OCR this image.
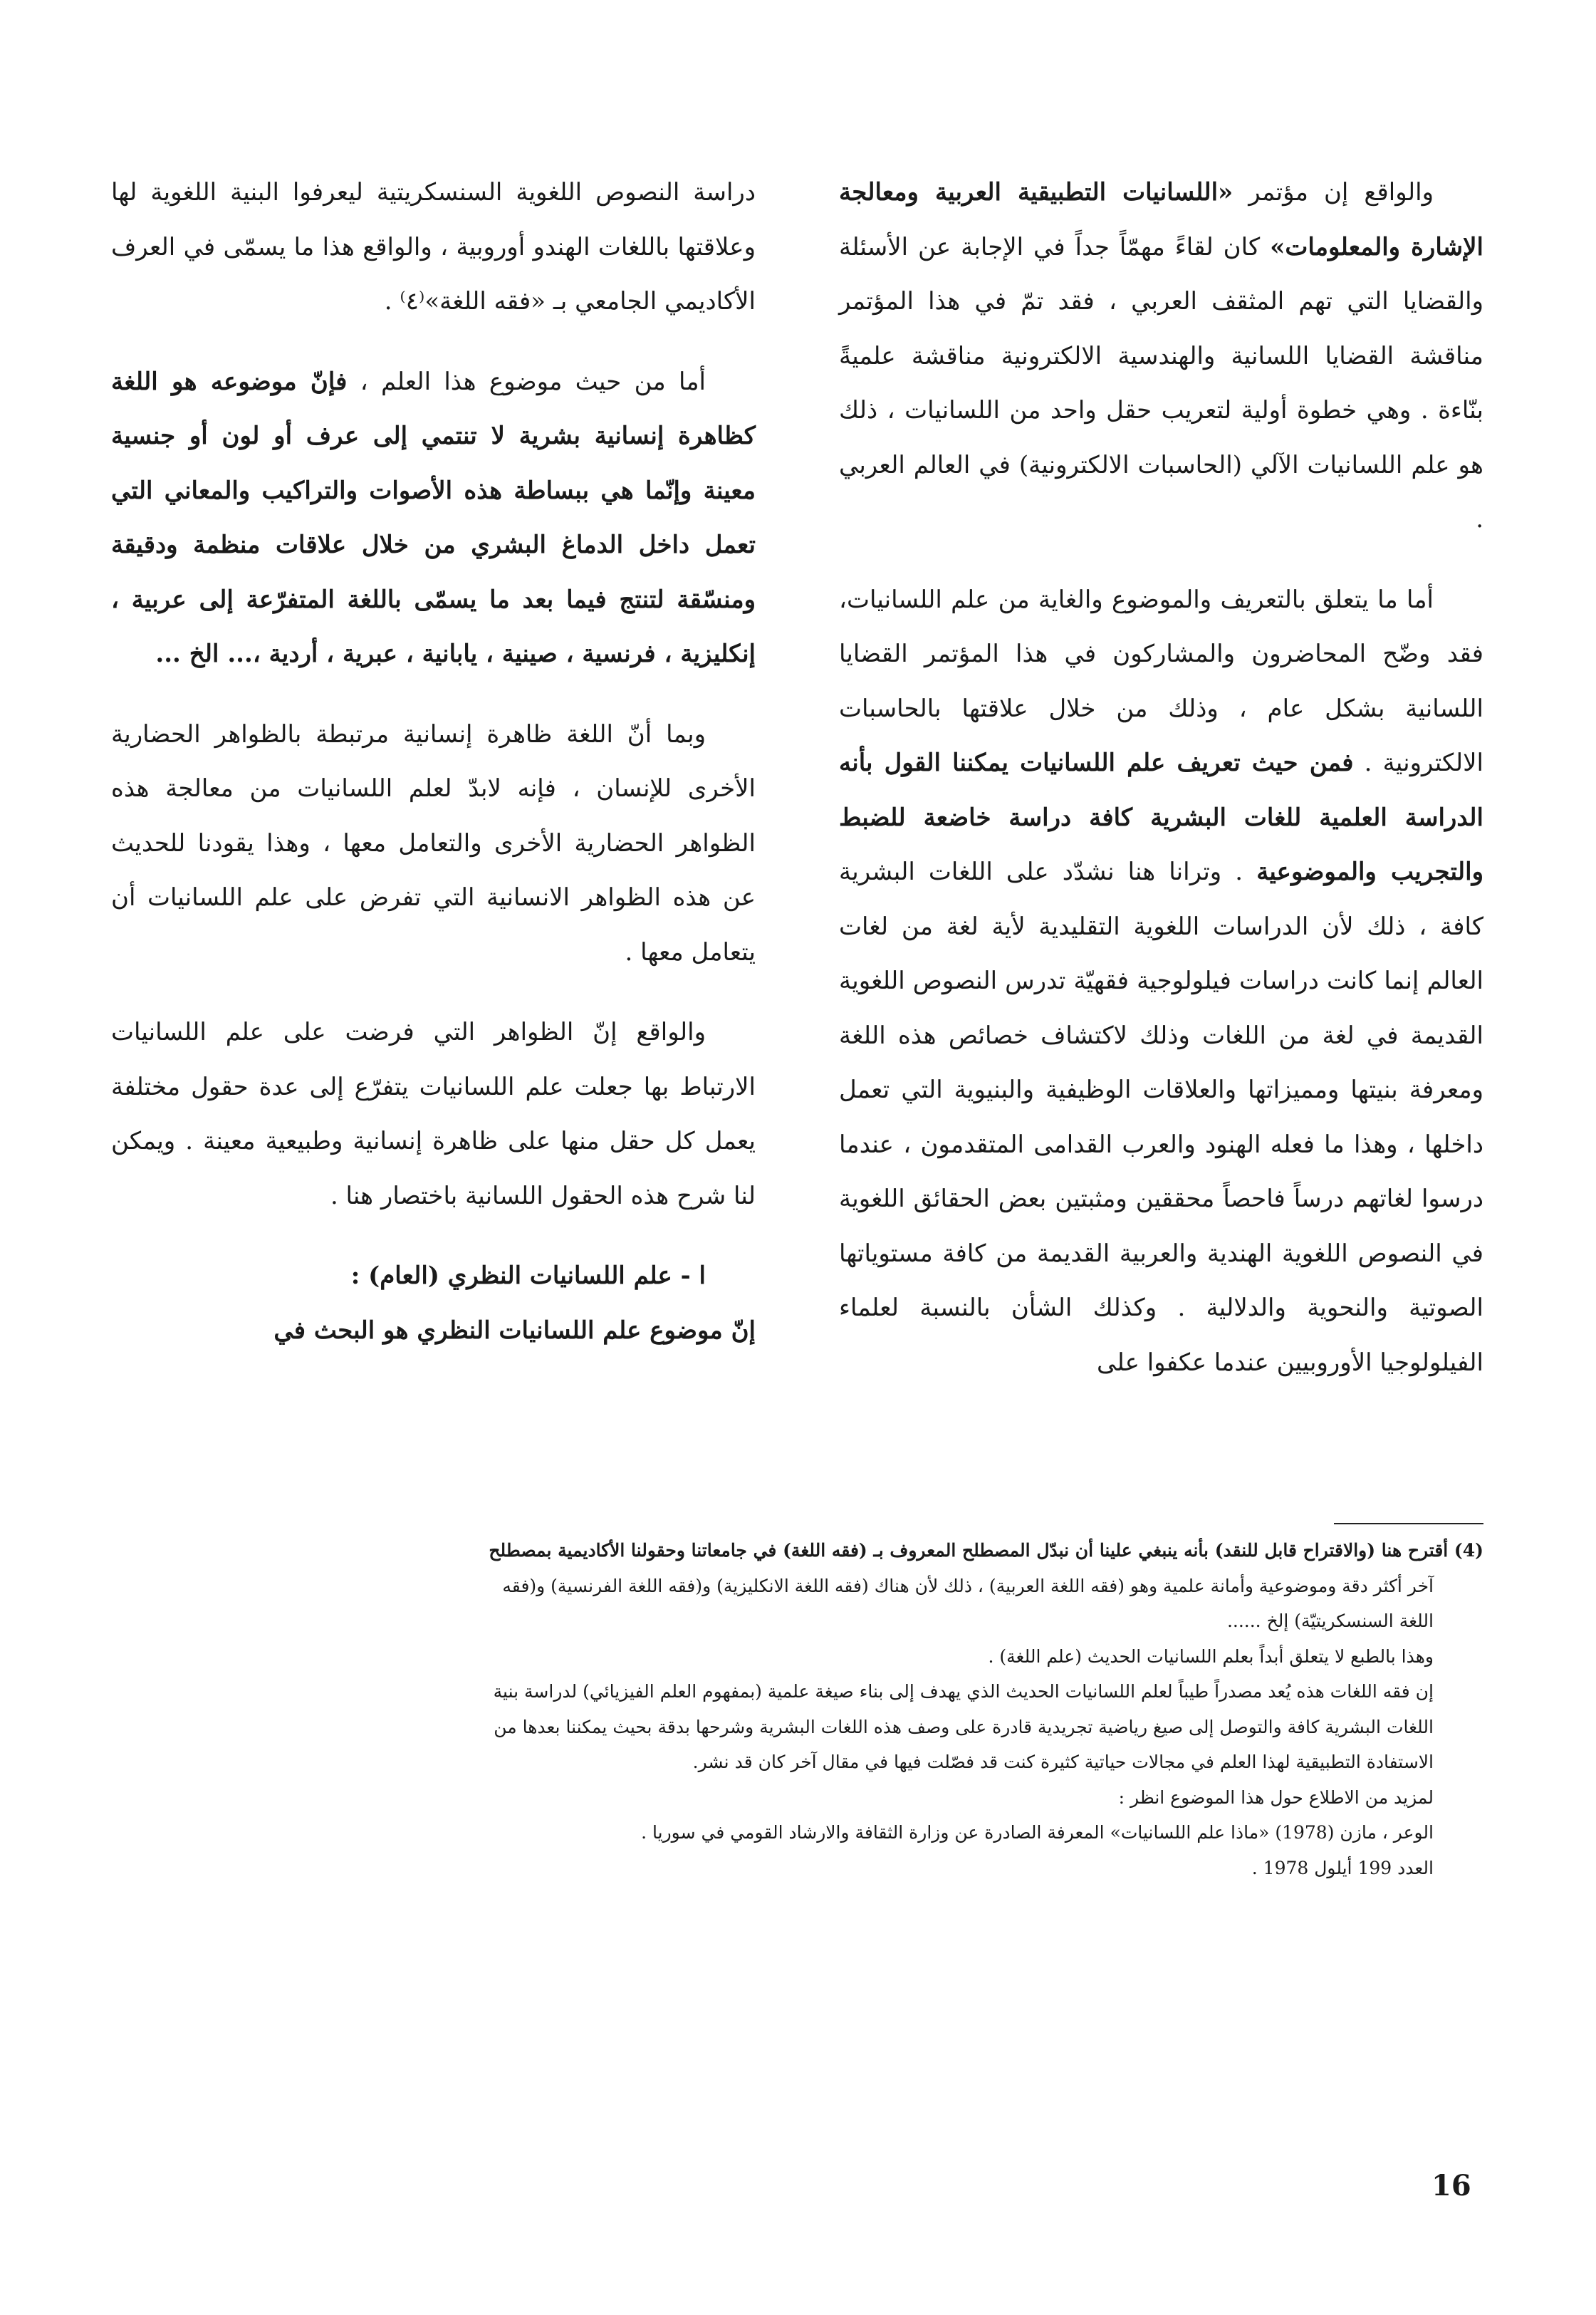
والواقع إن مؤتمر «اللسانيات التطبيقية العربية ومعالجة الإشارة والمعلومات» كان لقاءً مهمّاً جداً في الإجابة عن الأسئلة والقضايا التي تهم المثقف العربي ، فقد تمّ في هذا المؤتمر مناقشة القضايا اللسانية والهندسية الالكترونية مناقشة علميةً بنّاءة . وهي خطوة أولية لتعريب حقل واحد من اللسانيات ، ذلك هو علم اللسانيات الآلي (الحاسبات الالكترونية) في العالم العربي .

أما ما يتعلق بالتعريف والموضوع والغاية من علم اللسانيات، فقد وضّح المحاضرون والمشاركون في هذا المؤتمر القضايا اللسانية بشكل عام ، وذلك من خلال علاقتها بالحاسبات الالكترونية . فمن حيث تعريف علم اللسانيات يمكننا القول بأنه الدراسة العلمية للغات البشرية كافة دراسة خاضعة للضبط والتجريب والموضوعية . وترانا هنا نشدّد على اللغات البشرية كافة ، ذلك لأن الدراسات اللغوية التقليدية لأية لغة من لغات العالم إنما كانت دراسات فيلولوجية فقهيّة تدرس النصوص اللغوية القديمة في لغة من اللغات وذلك لاكتشاف خصائص هذه اللغة ومعرفة بنيتها ومميزاتها والعلاقات الوظيفية والبنيوية التي تعمل داخلها ، وهذا ما فعله الهنود والعرب القدامى المتقدمون ، عندما درسوا لغاتهم درساً فاحصاً محققين ومثبتين بعض الحقائق اللغوية في النصوص اللغوية الهندية والعربية القديمة من كافة مستوياتها الصوتية والنحوية والدلالية . وكذلك الشأن بالنسبة لعلماء الفيلولوجيا الأوروبيين عندما عكفوا على

دراسة النصوص اللغوية السنسكريتية ليعرفوا البنية اللغوية لها وعلاقتها باللغات الهندو أوروبية ، والواقع هذا ما يسمّى في العرف الأكاديمي الجامعي بـ «فقه اللغة»⁽٤⁾ .

أما من حيث موضوع هذا العلم ، فإنّ موضوعه هو اللغة كظاهرة إنسانية بشرية لا تنتمي إلى عرف أو لون أو جنسية معينة وإنّما هي ببساطة هذه الأصوات والتراكيب والمعاني التي تعمل داخل الدماغ البشري من خلال علاقات منظمة ودقيقة ومنسّقة لتنتج فيما بعد ما يسمّى باللغة المتفرّعة إلى عربية ، إنكليزية ، فرنسية ، صينية ، يابانية ، عبرية ، أردية ،... الخ ...

وبما أنّ اللغة ظاهرة إنسانية مرتبطة بالظواهر الحضارية الأخرى للإنسان ، فإنه لابدّ لعلم اللسانيات من معالجة هذه الظواهر الحضارية الأخرى والتعامل معها ، وهذا يقودنا للحديث عن هذه الظواهر الانسانية التي تفرض على علم اللسانيات أن يتعامل معها .

والواقع إنّ الظواهر التي فرضت على علم اللسانيات الارتباط بها جعلت علم اللسانيات يتفرّع إلى عدة حقول مختلفة يعمل كل حقل منها على ظاهرة إنسانية وطبيعية معينة . ويمكن لنا شرح هذه الحقول اللسانية باختصار هنا .

ا - علم اللسانيات النظري (العام) :

إنّ موضوع علم اللسانيات النظري هو البحث في

(4) أقترح هنا (والاقتراح قابل للنقد) بأنه ينبغي علينا أن نبدّل المصطلح المعروف بـ (فقه اللغة) في جامعاتنا وحقولنا الأكاديمية بمصطلح

آخر أكثر دقة وموضوعية وأمانة علمية وهو (فقه اللغة العربية) ، ذلك لأن هناك (فقه اللغة الانكليزية) و(فقه اللغة الفرنسية) و(فقه

اللغة السنسكريتيّة) إلخ ......

وهذا بالطبع لا يتعلق أبداً بعلم اللسانيات الحديث (علم اللغة) .

إن فقه اللغات هذه يُعد مصدراً طيباً لعلم اللسانيات الحديث الذي يهدف إلى بناء صيغة علمية (بمفهوم العلم الفيزيائي) لدراسة بنية

اللغات البشرية كافة والتوصل إلى صيغ رياضية تجريدية قادرة على وصف هذه اللغات البشرية وشرحها بدقة بحيث يمكننا بعدها من

الاستفادة التطبيقية لهذا العلم في مجالات حياتية كثيرة كنت قد فصّلت فيها في مقال آخر كان قد نشر.

لمزيد من الاطلاع حول هذا الموضوع انظر :

الوعر ، مازن (1978) «ماذا علم اللسانيات» المعرفة الصادرة عن وزارة الثقافة والارشاد القومي في سوريا .

العدد 199 أيلول 1978 .

16
